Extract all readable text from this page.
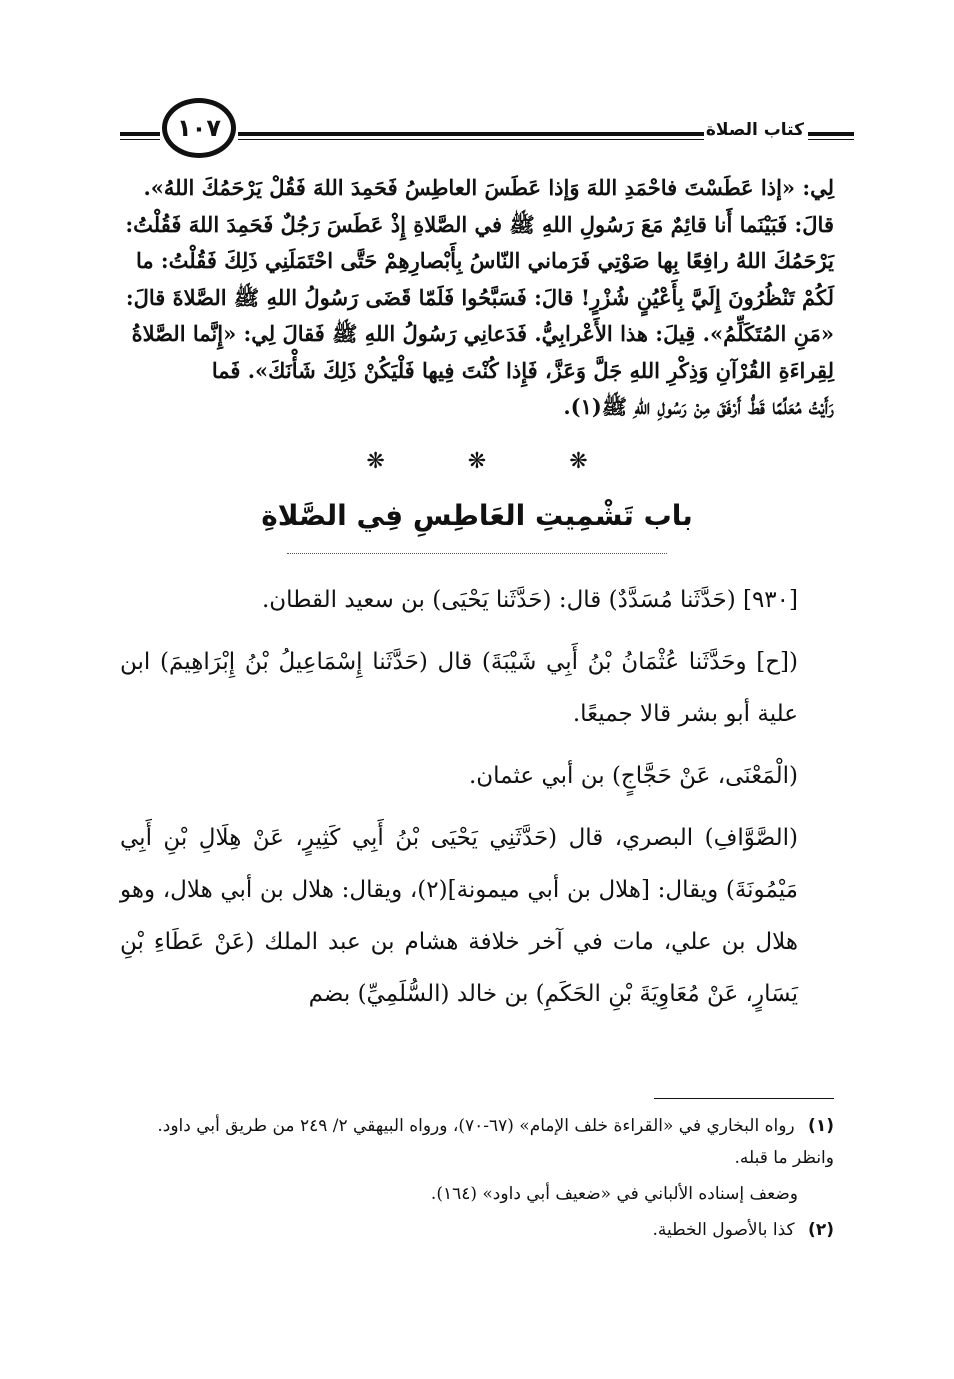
١٠٧	كتاب الصلاة

لِي: «إذا عَطَسْتَ فاحْمَدِ اللهَ وَإذا عَطَسَ العاطِسُ فَحَمِدَ اللهَ فَقُلْ يَرْحَمُكَ اللهُ».

قالَ: فَبَيْنَما أَنا قائِمٌ مَعَ رَسُولِ اللهِ ﷺ في الصَّلاةِ إِذْ عَطَسَ رَجُلٌ فَحَمِدَ اللهَ فَقُلْتُ:

يَرْحَمُكَ اللهُ رافِعًا بِها صَوْتِي فَرَماني النّاسُ بِأَبْصارِهِمْ حَتَّى احْتَمَلَنِي ذَلِكَ فَقُلْتُ: ما

لَكُمْ تَنْظُرُونَ إِلَيَّ بِأَعْيُنٍ شُزْرٍ! قالَ: فَسَبَّحُوا فَلَمّا قَضَى رَسُولُ اللهِ ﷺ الصَّلاةَ قالَ:

«مَنِ المُتَكَلِّمُ». قِيلَ: هذا الأَعْرابِيُّ. فَدَعانِي رَسُولُ اللهِ ﷺ فَقالَ لِي: «إِنَّما الصَّلاةُ

لِقِراءَةِ القُرْآنِ وَذِكْرِ اللهِ جَلَّ وَعَزَّ، فَإِذا كُنْتَ فِيها فَلْيَكُنْ ذَلِكَ شَأْنَكَ». فَما

رَأَيْتُ مُعَلِّمًا قَطُّ أَرْفَقَ مِنْ رَسُولِ اللهِ ﷺ(١).

❋ ❋ ❋
باب تَشْمِيتِ العَاطِسِ فِي الصَّلاةِ

[٩٣٠] (حَدَّثَنا مُسَدَّدٌ) قال: (حَدَّثَنا يَحْيَى) بن سعيد القطان.

([ح] وحَدَّثَنا عُثْمَانُ بْنُ أَبِي شَيْبَةَ) قال (حَدَّثَنا إِسْمَاعِيلُ بْنُ إِبْرَاهِيمَ) ابن علية أبو بشر قالا جميعًا.

(الْمَعْنَى، عَنْ حَجَّاجٍ) بن أبي عثمان.

(الصَّوَّافِ) البصري، قال (حَدَّثَنِي يَحْيَى بْنُ أَبِي كَثِيرٍ، عَنْ هِلَالِ بْنِ أَبِي مَيْمُونَةَ) ويقال: [هلال بن أبي ميمونة](٢)، ويقال: هلال بن أبي هلال، وهو هلال بن علي، مات في آخر خلافة هشام بن عبد الملك (عَنْ عَطَاءِ بْنِ يَسَارٍ، عَنْ مُعَاوِيَةَ بْنِ الحَكَمِ) بن خالد (السُّلَمِيِّ) بضم

(١) رواه البخاري في «القراءة خلف الإمام» (٦٧-٧٠)، ورواه البيهقي ٢/ ٢٤٩ من طريق أبي داود. وانظر ما قبله.

وضعف إسناده الألباني في «ضعيف أبي داود» (١٦٤).

(٢) كذا بالأصول الخطية.
